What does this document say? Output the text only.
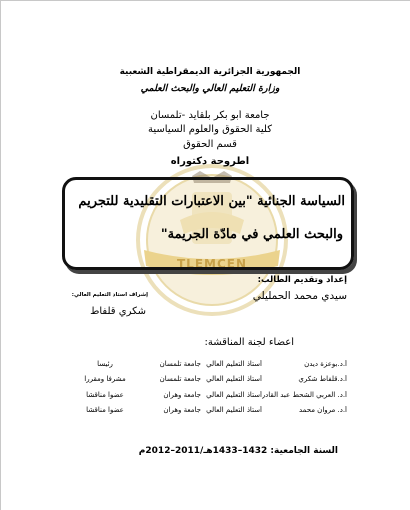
TLEMCEN
الجمهورية الجزائرية الديمقراطية الشعبية
وزارة التعليم العالي والبحث العلمي
جامعة أبو بكر بلقايد -تلمسان
كلية الحقوق والعلوم السياسية
قسم الحقوق
أطروحة دكتوراه
السياسة الجنائية "بين الاعتبارات التقليدية للتجريم
والبحث العلمي في مادّة الجريمة"
إعداد وتقديم الطالب:
سيدي محمد الحمليلي
إشراف أستاذ التعليم العالي:
شكري قلفاط
أعضاء لجنة المناقشة:
أ.د.بوعزة ديدن
أستاذ التعليم العالي
جامعة تلمسان
رئيسا
أ.د.قلفاط شكري
أستاذ التعليم العالي
جامعة تلمسان
مشرفا ومقررا
أ.د. العربي الشحط عبد القادر
أستاذ التعليم العالي
جامعة وهران
عضوا مناقشا
أ.د. مروان محمد
أستاذ التعليم العالي
جامعة وهران
عضوا مناقشا
السنة الجامعية: 1432–1433هـ/2011–2012م
